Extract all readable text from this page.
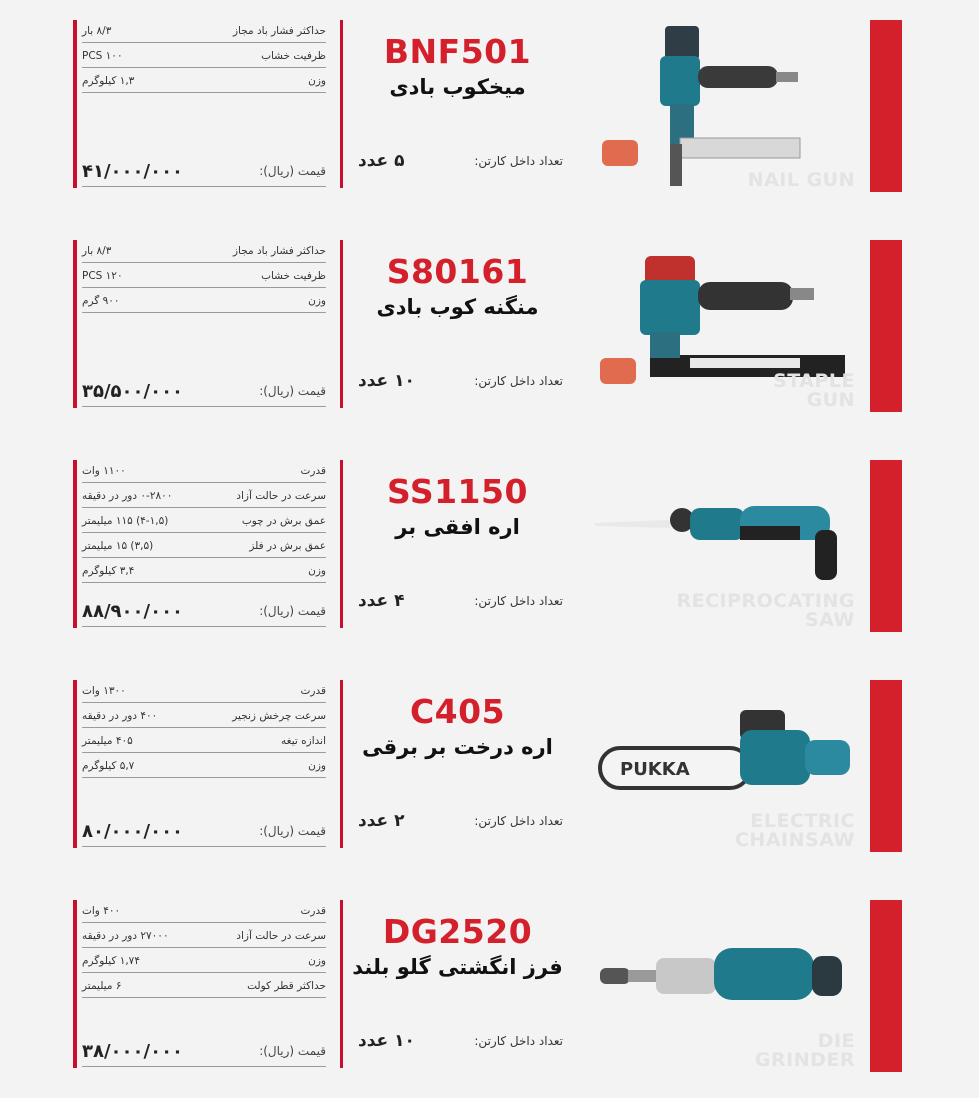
حداکثر فشار باد مجاز
۸/۳ بار
ظرفیت خشاب
PCS ۱۰۰
وزن
۱,۳ کیلوگرم
قیمت (ریال):
۴۱/۰۰۰/۰۰۰
BNF501
میخکوب بادی
تعداد داخل کارتن:
۵ عدد
NAIL GUN
حداکثر فشار باد مجاز
۸/۳ بار
ظرفیت خشاب
PCS ۱۲۰
وزن
۹۰۰ گرم
قیمت (ریال):
۳۵/۵۰۰/۰۰۰
S80161
منگنه کوب بادی
تعداد داخل کارتن:
۱۰ عدد	STAPLE
GUN
قدرت
۱۱۰۰ وات
سرعت در حالت آزاد
۰-۲۸۰۰ دور در دقیقه
عمق برش در چوب
(۴-۱,۵) ۱۱۵ میلیمتر
عمق برش در فلز
(۳,۵) ۱۵ میلیمتر
وزن
۳,۴ کیلوگرم
قیمت (ریال):
۸۸/۹۰۰/۰۰۰
SS1150
اره افقی بر
تعداد داخل کارتن:
۴ عدد	RECIPROCATING
SAW
قدرت
۱۳۰۰ وات
سرعت چرخش زنجیر
۴۰۰ دور در دقیقه
اندازه تیغه
۴۰۵ میلیمتر
وزن
۵,۷ کیلوگرم
قیمت (ریال):
۸۰/۰۰۰/۰۰۰
C405
اره درخت بر برقی
تعداد داخل کارتن:
۲ عدد
PUKKA
ELECTRIC
CHAINSAW
قدرت
۴۰۰ وات
سرعت در حالت آزاد
۲۷۰۰۰ دور در دقیقه
وزن
۱,۷۴ کیلوگرم
حداکثر قطر کولت
۶ میلیمتر
قیمت (ریال):
۳۸/۰۰۰/۰۰۰
DG2520
فرز انگشتی گلو بلند
تعداد داخل کارتن:
۱۰ عدد	DIE
GRINDER
